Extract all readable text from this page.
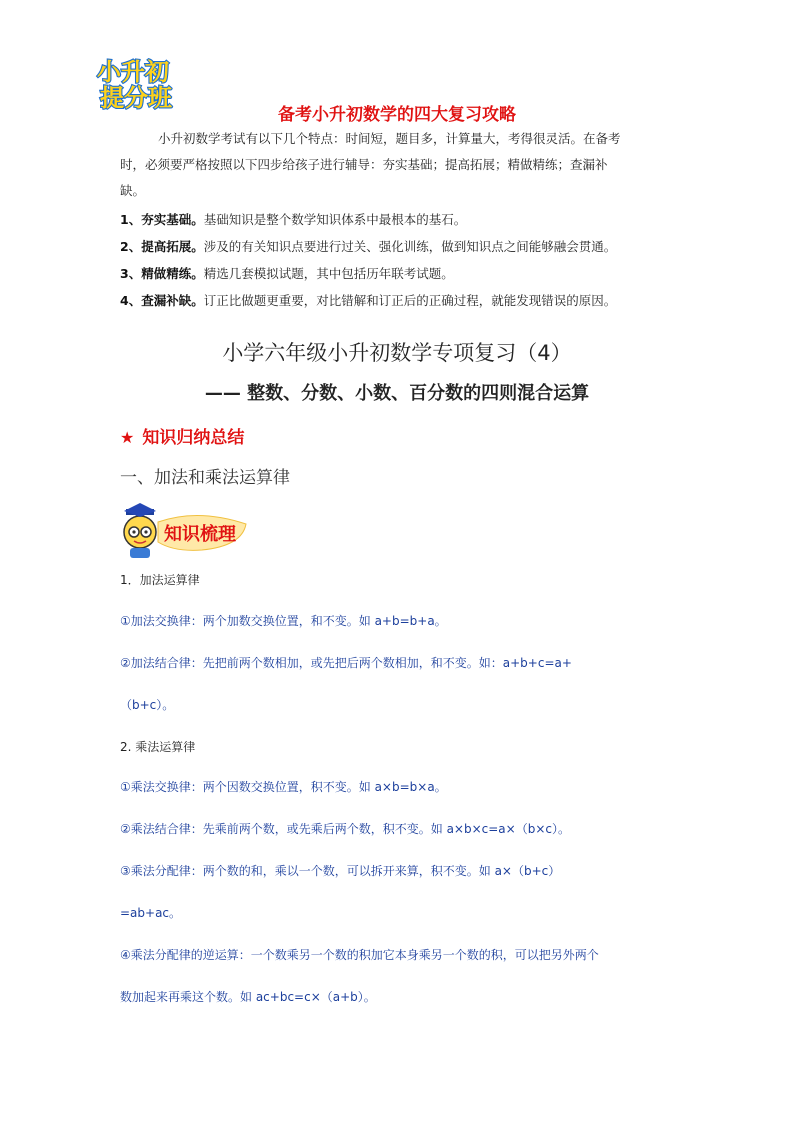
小升初
提分班
备考小升初数学的四大复习攻略
小升初数学考试有以下几个特点：时间短，题目多，计算量大，考得很灵活。在备考
时，必须要严格按照以下四步给孩子进行辅导：夯实基础；提高拓展；精做精练；查漏补
缺。
1、夯实基础。基础知识是整个数学知识体系中最根本的基石。
2、提高拓展。涉及的有关知识点要进行过关、强化训练，做到知识点之间能够融会贯通。
3、精做精练。精选几套模拟试题，其中包括历年联考试题。
4、查漏补缺。订正比做题更重要，对比错解和订正后的正确过程，就能发现错误的原因。
小学六年级小升初数学专项复习（4）
—— 整数、分数、小数、百分数的四则混合运算
★ 知识归纳总结
一、加法和乘法运算律
知识梳理
1．加法运算律
①加法交换律：两个加数交换位置，和不变。如 a+b=b+a。
②加法结合律：先把前两个数相加，或先把后两个数相加，和不变。如：a+b+c=a+
（b+c）。
2. 乘法运算律
①乘法交换律：两个因数交换位置，积不变。如 a×b=b×a。
②乘法结合律：先乘前两个数，或先乘后两个数，积不变。如 a×b×c=a×（b×c）。
③乘法分配律：两个数的和，乘以一个数，可以拆开来算，积不变。如 a×（b+c）
=ab+ac。
④乘法分配律的逆运算：一个数乘另一个数的积加它本身乘另一个数的积，可以把另外两个
数加起来再乘这个数。如 ac+bc=c×（a+b）。
